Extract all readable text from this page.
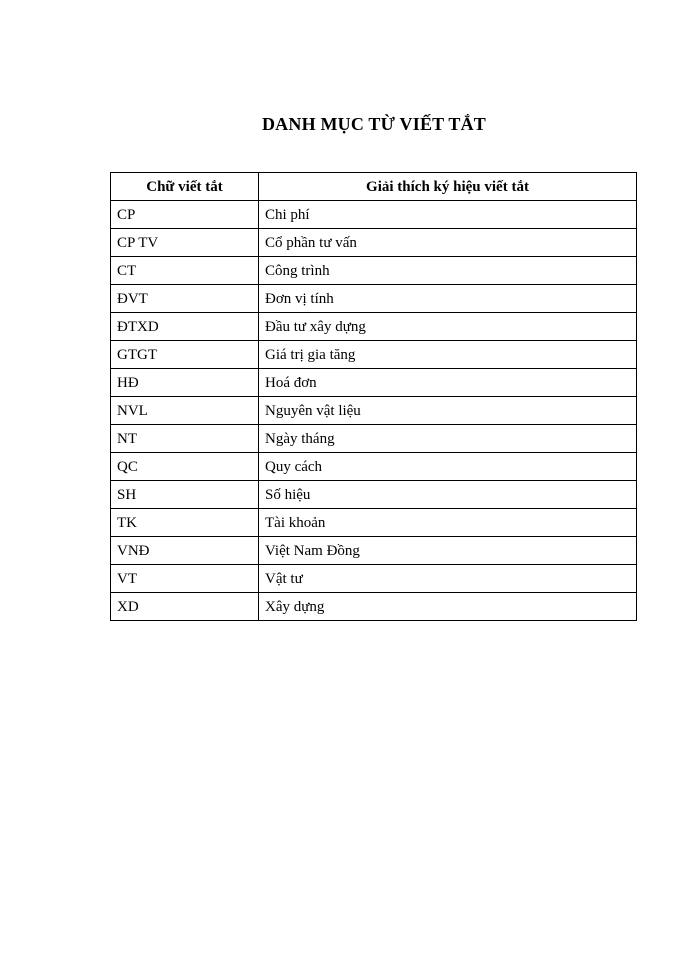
DANH MỤC TỪ VIẾT TẮT
Chữ viết tắt	Giải thích ký hiệu viết tắt
CP	Chi phí
CP TV	Cổ phần tư vấn
CT	Công trình
ĐVT	Đơn vị tính
ĐTXD	Đầu tư xây dựng
GTGT	Giá trị gia tăng
HĐ	Hoá đơn
NVL	Nguyên vật liệu
NT	Ngày tháng
QC	Quy cách
SH	Số hiệu
TK	Tài khoản
VNĐ	Việt Nam Đồng
VT	Vật tư
XD	Xây dựng
